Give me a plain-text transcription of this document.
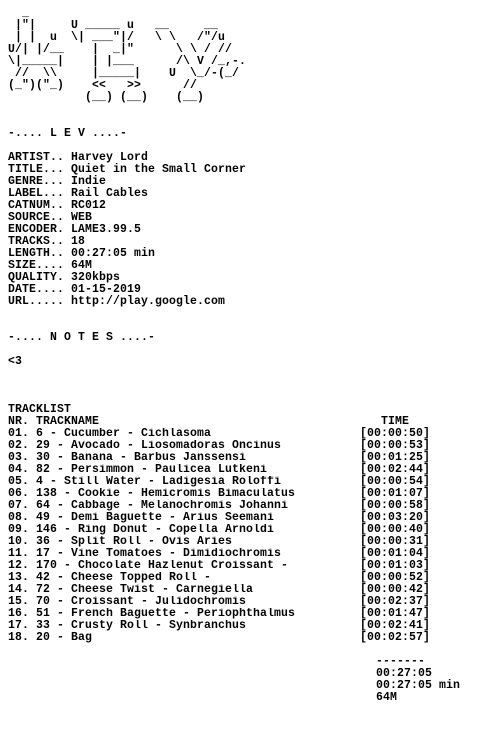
_
|"|     U _____ u   __     __
| |  u  \| ___"|/   \ \   /"/u
U/| |/__    |  _|"      \ \ / //
\|_____|    | |___      /\ V /_,-.
//  \\     |_____|    U  \_/-(_/
(_")("_)    <<   >>      //
(__) (__)    (__)
-.... L E V ....-
ARTIST.. Harvey Lord
TITLE... Quiet in the Small Corner
GENRE... Indie
LABEL... Rail Cables
CATNUM.. RC012
SOURCE.. WEB
ENCODER. LAME3.99.5
TRACKS.. 18
LENGTH.. 00:27:05 min
SIZE.... 64M
QUALITY. 320kbps
DATE.... 01-15-2019
URL..... http://play.google.com
-.... N O T E S ....-
<3
TRACKLIST
NR. TRACKNAME	TIME
01. 6 - Cucumber - Cichlasoma	[00:00:50]
02. 29 - Avocado - Liosomadoras Oncinus	[00:00:53]
03. 30 - Banana - Barbus Janssensi	[00:01:25]
04. 82 - Persimmon - Paulicea Lutkeni	[00:02:44]
05. 4 - Still Water - Ladigesia Roloffi	[00:00:54]
06. 138 - Cookie - Hemicromis Bimaculatus	[00:01:07]
07. 64 - Cabbage - Melanochromis Johanni	[00:00:58]
08. 49 - Demi Baguette - Arius Seemani	[00:03:20]
09. 146 - Ring Donut - Copella Arnoldi	[00:00:40]
10. 36 - Split Roll - Ovis Aries	[00:00:31]
11. 17 - Vine Tomatoes - Dimidiochromis	[00:01:04]
12. 170 - Chocolate Hazlenut Croissant -	[00:01:03]
13. 42 - Cheese Topped Roll -	[00:00:52]
14. 72 - Cheese Twist - Carnegiella	[00:00:42]
15. 70 - Croissant - Julidochromis	[00:02:37]
16. 51 - French Baguette - Periophthalmus	[00:01:47]
17. 33 - Crusty Roll - Synbranchus	[00:02:41]
18. 20 - Bag	[00:02:57]
-------
00:27:05
00:27:05 min
64M
